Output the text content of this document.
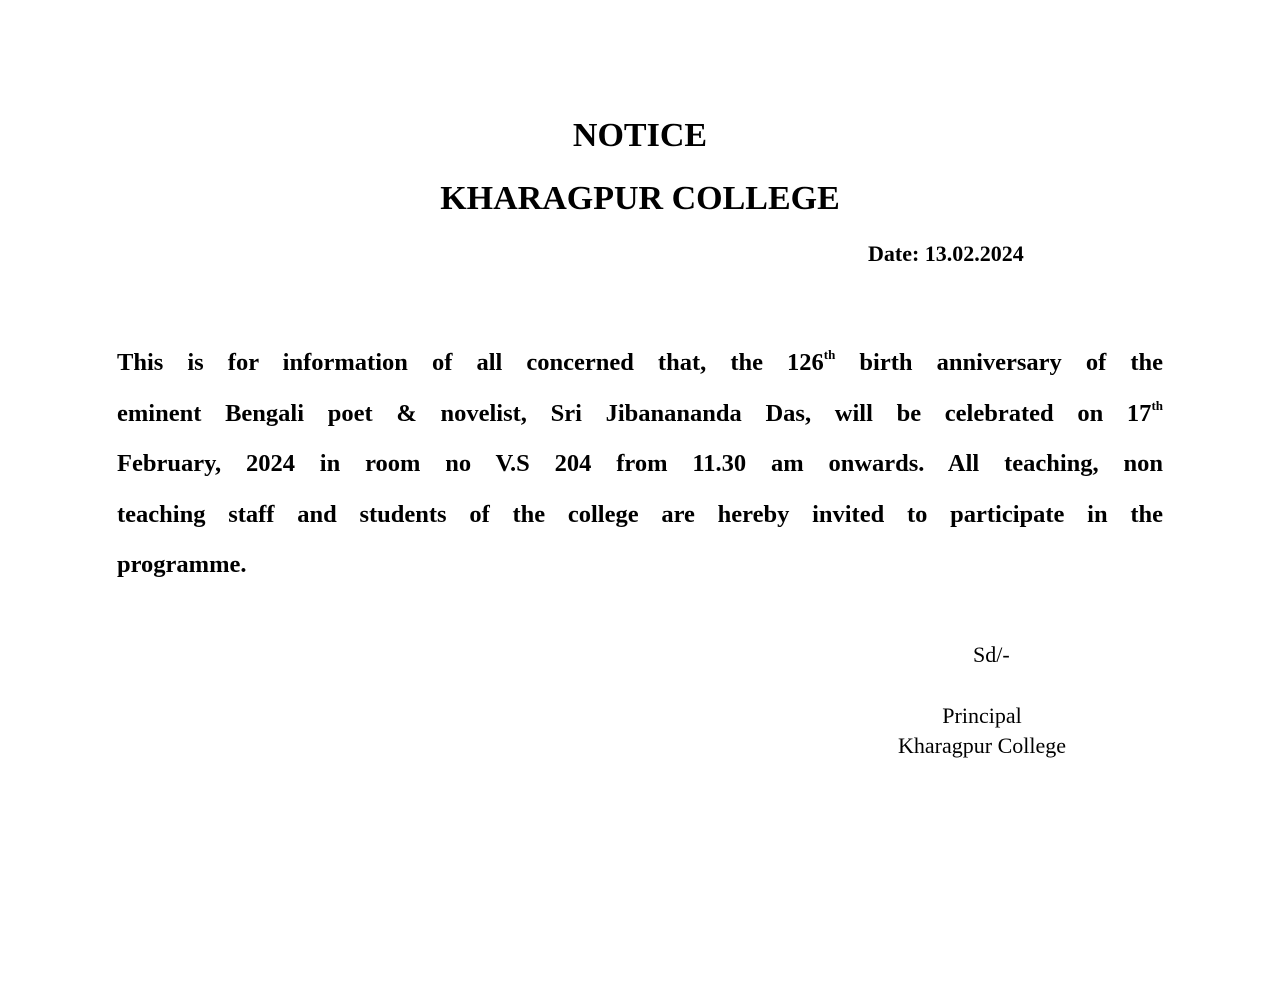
NOTICE
KHARAGPUR COLLEGE
Date: 13.02.2024
This is for information of all concerned that, the 126th birth anniversary of the
eminent Bengali poet & novelist, Sri Jibanananda Das, will be celebrated on 17th
February, 2024 in room no V.S 204 from 11.30 am onwards. All teaching, non
teaching staff and students of the college are hereby invited to participate in the
programme.
Sd/-
Principal
Kharagpur College
